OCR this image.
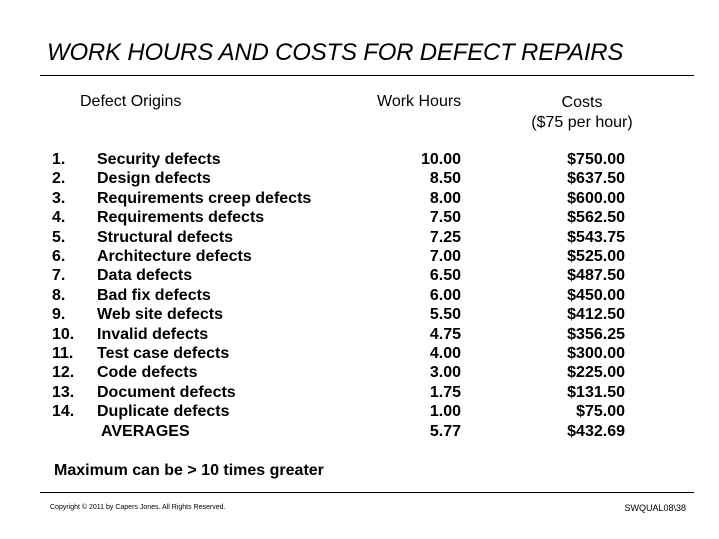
WORK HOURS AND COSTS FOR DEFECT REPAIRS
Defect Origins	Work Hours	Costs
($75 per hour)
1. Security defects	10.00	$750.00
2. Design defects	8.50	$637.50
3. Requirements creep defects	8.00	$600.00
4. Requirements defects	7.50	$562.50
5. Structural defects	7.25	$543.75
6. Architecture defects	7.00	$525.00
7. Data defects	6.50	$487.50
8. Bad fix defects	6.00	$450.00
9. Web site defects	5.50	$412.50
10. Invalid defects	4.75	$356.25
11. Test case defects	4.00	$300.00
12. Code defects	3.00	$225.00
13. Document defects	1.75	$131.50
14. Duplicate defects	1.00	$75.00
AVERAGES	5.77	$432.69
Maximum can be > 10 times greater
Copyright © 2011 by Capers Jones. All Rights Reserved.	SWQUAL08\38
